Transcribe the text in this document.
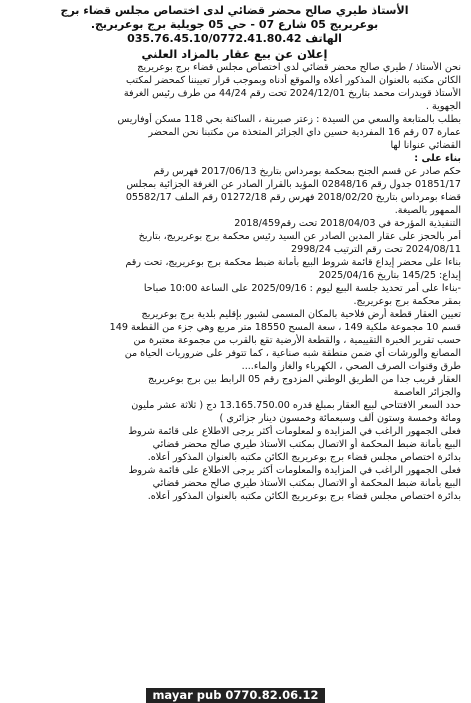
الأستاذ طيري صالح محضر قضائي لدى اختصاص مجلس قضاء برج
بوعريريج 05 شارع 07 - حي 05 جويلية برج بوعريريج.
الهاتف 035.76.45.10/0772.41.80.42
إعلان عن بيع عقار بالمزاد العلني
نحن الأستاذ / طيري صالح محضر قضائي لدى اختصاص مجلس قضاء برج بوعريريج
الكائن مكتبه بالعنوان المذكور أعلاه والموقع أدناه وبموجب قرار تعييننا كمحضر لمكتب
الأستاذ قويدرات محمد بتاريخ 2024/12/01 تحت رقم 44/24 من طرف رئيس الغرفة
الجهوية .
بطلب بالمتابعة والسعي من السيدة : زعتر صبرينة ، الساكنة بحي 118 مسكن أوفاريس
عمارة 07 رقم 16 المفردية حسين داي الجزائر المتخذة من مكتبنا نحن المحضر
القضائي عنوانا لها
بناء على :
حكم صادر عن قسم الجنح بمحكمة بومرداس بتاريخ 2017/06/13 فهرس رقم
01851/17 جدول رقم 02848/16 المؤيد بالقرار الصادر عن الغرفة الجزائية بمجلس
قضاء بومرداس بتاريخ 2018/02/20 فهرس رقم 01272/18 رقم الملف 05582/17
الممهور بالصيغة.
التنفيذية المؤرخة في 2018/04/03 تحت رقم2018/459
أمر بالحجز على عقار المدين الصادر عن السيد رئيس محكمة برج بوعريريج، بتاريخ
2024/08/11 تحت رقم الترتيب 2998/24
بناءا على محضر إيداع قائمة شروط البيع بأمانة ضبط محكمة برج بوعريريج، تحت رقم
إيداع: 145/25 بتاريخ 2025/04/16
-بناءا على أمر تحديد جلسة البيع ليوم : 2025/09/16 على الساعة 10:00 صباحا
بمقر محكمة برج بوعريريج.
تعيين العقار قطعة أرض فلاحية بالمكان المسمى لشبور بإقليم بلدية برج بوعريريج
قسم 10 مجموعة ملكية 149 ، سعة المسح 18550 متر مربع وهي جزء من القطعة 149
حسب تقرير الخبرة التقييمية ، والقطعة الأرضية تقع بالقرب من مجموعة معتبرة من
المصانع والورشات أي ضمن منطقة شبه صناعية ، كما تتوفر على ضروريات الحياة من
طرق وقنوات الصرف الصحي ، الكهرباء والغاز والماء....
العقار قريب جدا من الطريق الوطني المزدوج رقم 05 الرابط بين برج بوعريريج
والجزائر العاصمة
حدد السعر الافتتاحي لبيع العقار بمبلغ قدره 13.165.750.00 دج ( ثلاثة عشر مليون
ومائة وخمسة وستون ألف وسبعمائة وخمسون دينار جزائري )
فعلى الجمهور الراغب في المزايدة و لمعلومات أكثر يرجى الاطلاع على قائمة شروط
البيع بأمانة ضبط المحكمة أو الاتصال بمكتب الأستاذ طيري صالح محضر قضائي
بدائرة اختصاص مجلس قضاء برج بوعريريج الكائن مكتبه بالعنوان المذكور أعلاه.
فعلى الجمهور الراغب في المزايدة والمعلومات أكثر يرجى الاطلاع على قائمة شروط
البيع بأمانة ضبط المحكمة أو الاتصال بمكتب الأستاذ طيري صالح محضر قضائي
بدائرة اختصاص مجلس قضاء برج بوعريريج الكائن مكتبه بالعنوان المذكور أعلاه.
mayar pub 0770.82.06.12
